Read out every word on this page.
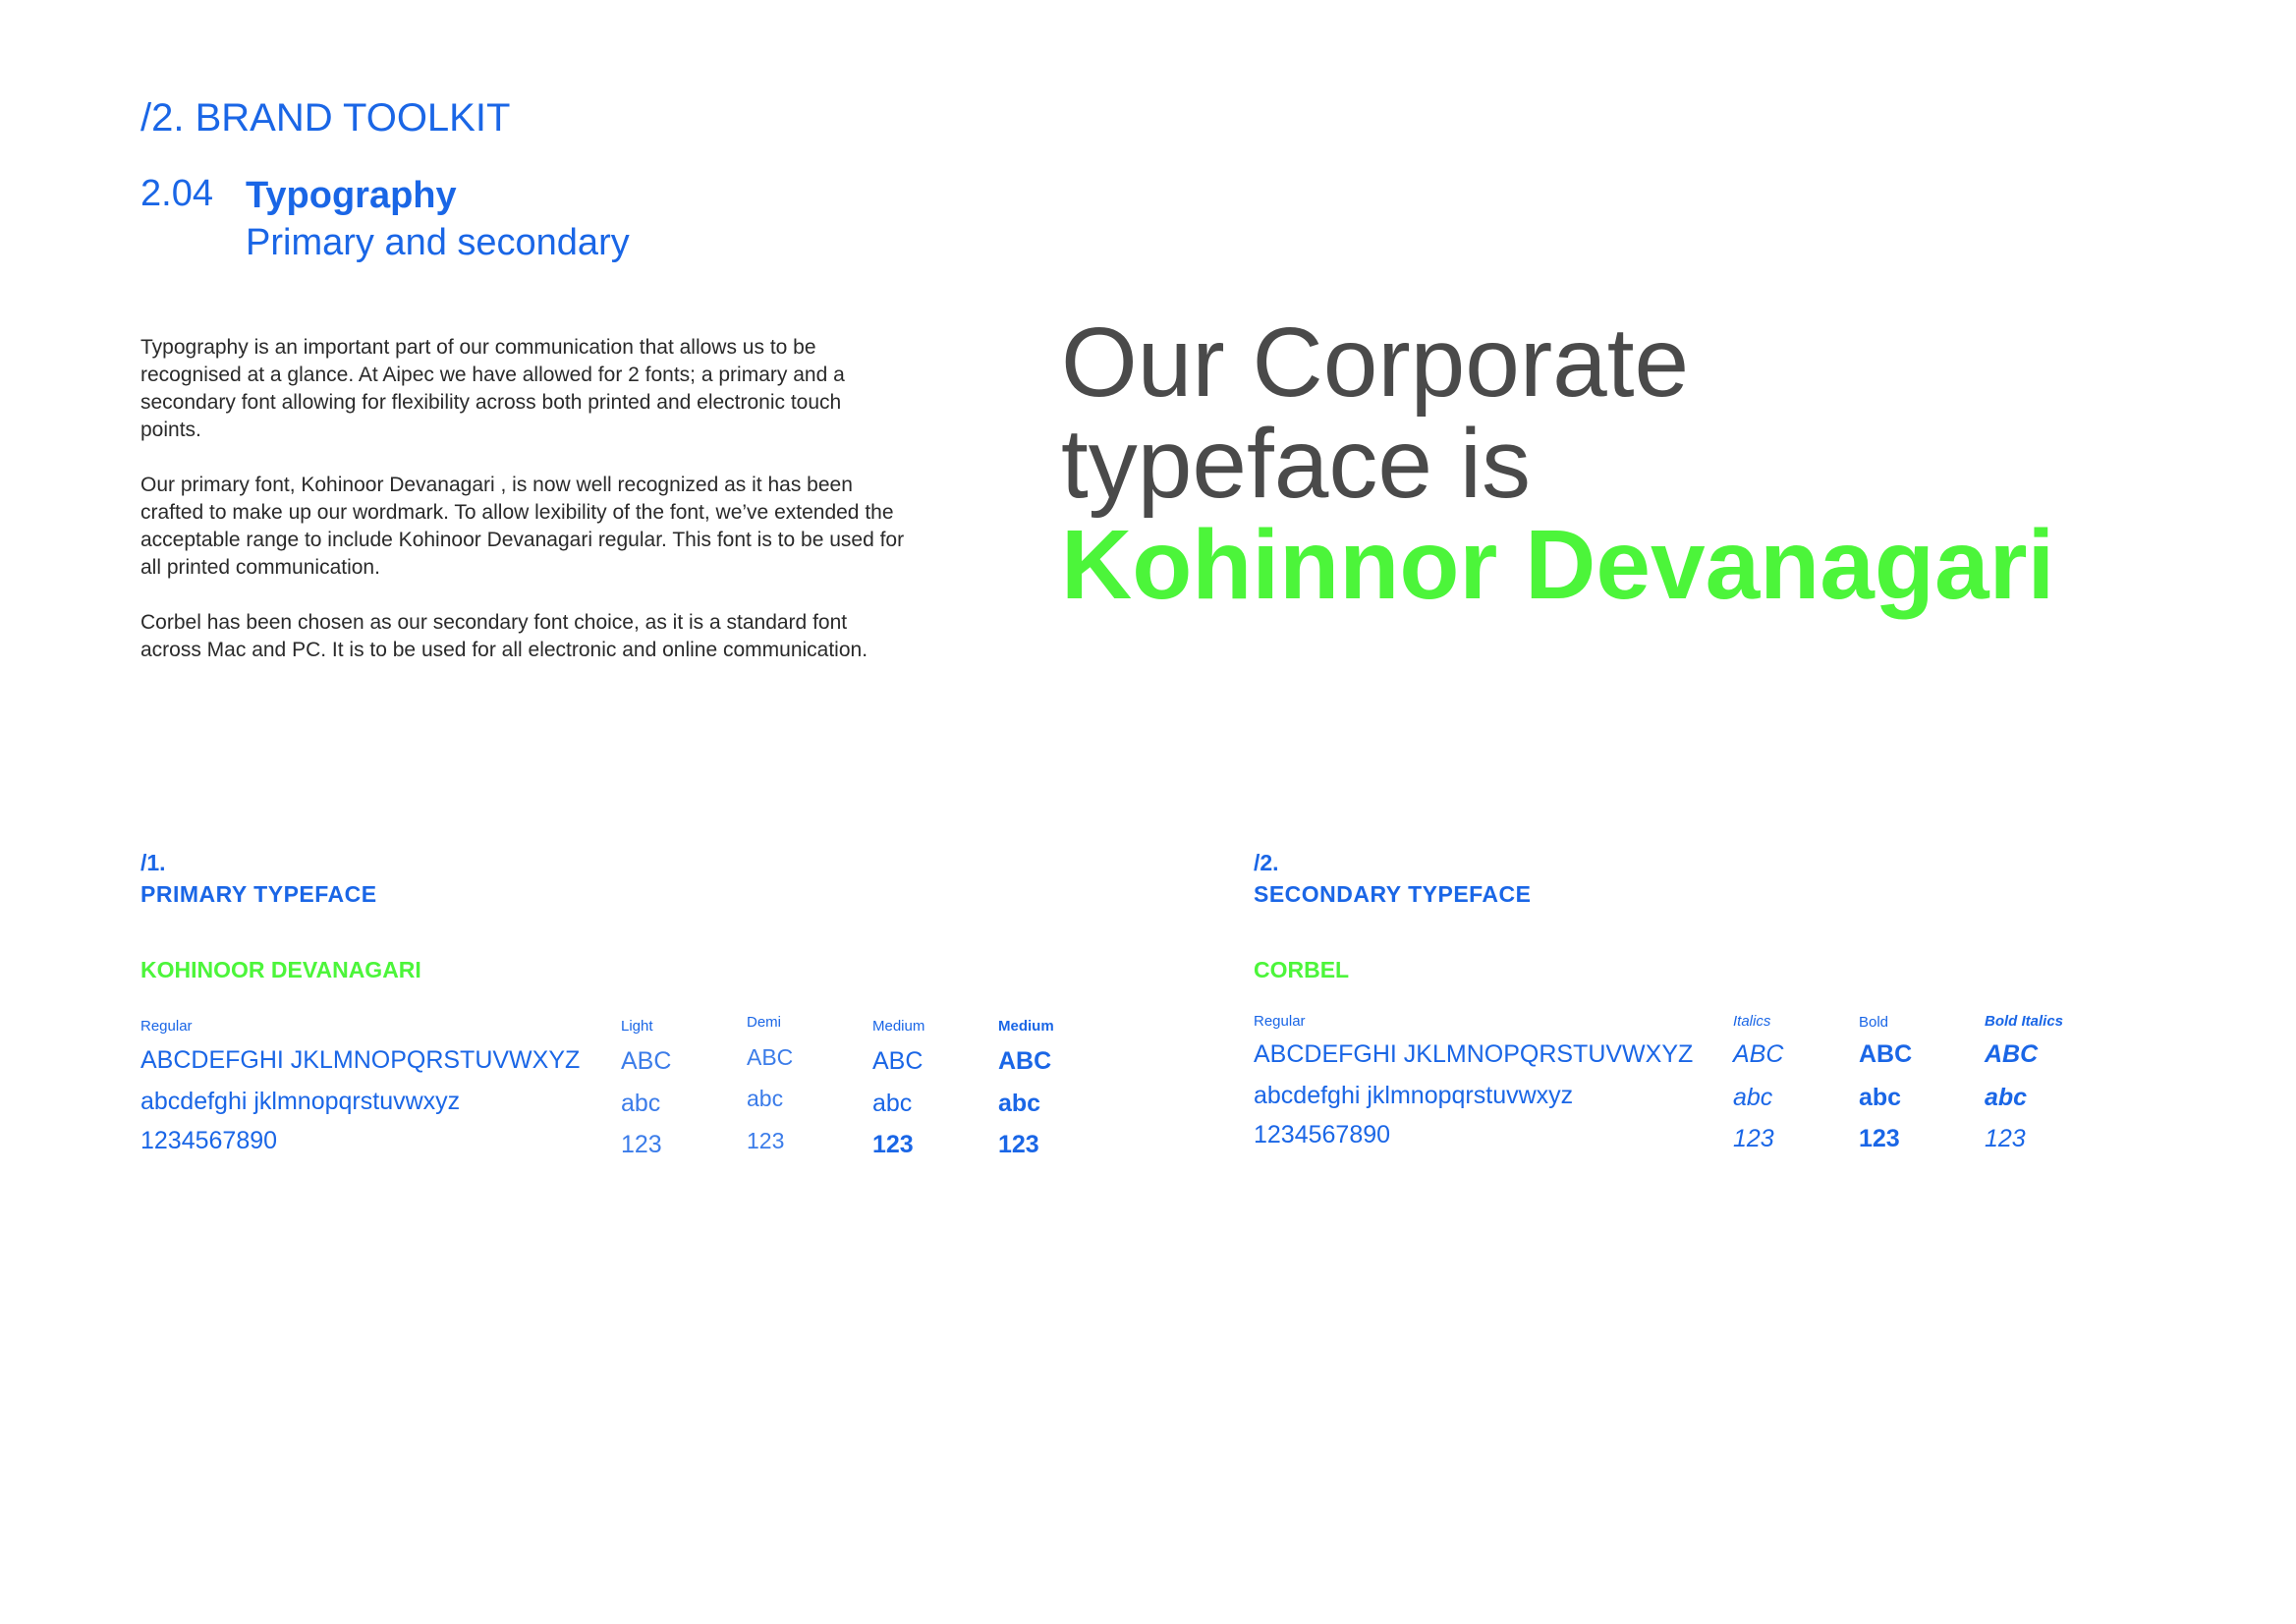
/2. BRAND TOOLKIT
2.04 Typography
Primary and secondary

Typography is an important part of our communication that allows us to be recognised at a glance. At Aipec we have allowed for 2 fonts; a primary and a secondary font allowing for flexibility across both printed and electronic touch points.

Our primary font, Kohinoor Devanagari , is now well recognized as it has been crafted to make up our wordmark. To allow lexibility of the font, we’ve extended the acceptable range to include Kohinoor Devanagari regular. This font is to be used for all printed communication.

Corbel has been chosen as our secondary font choice, as it is a standard font across Mac and PC. It is to be used for all electronic and online communication.

Our Corporate
typeface is
Kohinnor Devanagari
/1.
PRIMARY TYPEFACE
KOHINOOR DEVANAGARI
Regular
ABCDEFGHI JKLMNOPQRSTUVWXYZ
abcdefghi jklmnopqrstuvwxyz
1234567890
Light
ABC
abc
123
Demi
ABC
abc
123
Medium
ABC
abc
123
Medium
ABC
abc
123
/2.
SECONDARY TYPEFACE
CORBEL
Regular
ABCDEFGHI JKLMNOPQRSTUVWXYZ
abcdefghi jklmnopqrstuvwxyz
1234567890
Italics
ABC
abc
123
Bold
ABC
abc
123
Bold Italics
ABC
abc
123
